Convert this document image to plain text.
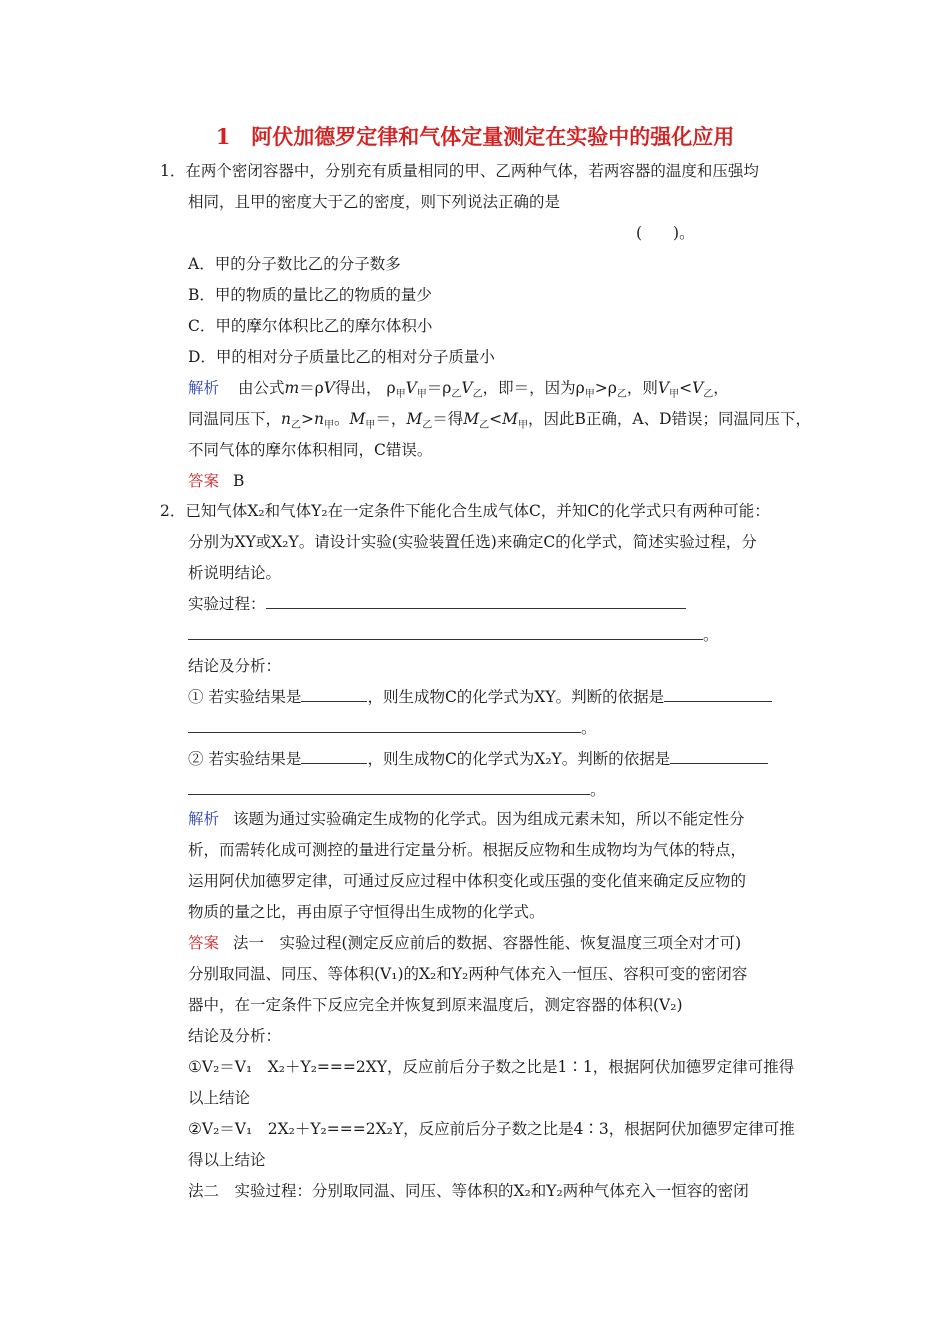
1　阿伏加德罗定律和气体定量测定在实验中的强化应用
1．在两个密闭容器中，分别充有质量相同的甲、乙两种气体，若两容器的温度和压强均
相同，且甲的密度大于乙的密度，则下列说法正确的是
(　　)。
A．甲的分子数比乙的分子数多
B．甲的物质的量比乙的物质的量少
C．甲的摩尔体积比乙的摩尔体积小
D．甲的相对分子质量比乙的相对分子质量小
解析 由公式m＝ρV得出， $\rho_甲V_甲=\rho_乙V_乙$，即＝，因为$\rho_甲>\rho_乙$，则$V_甲<V_乙$，
同温同压下，$n_乙>n_甲$。$M_甲=$，$M_乙=$得$M_乙<M_甲$，因此B正确，A、D错误；同温同压下，
不同气体的摩尔体积相同，C错误。
答案 B
2．已知气体X₂和气体Y₂在一定条件下能化合生成气体C，并知C的化学式只有两种可能：
分别为XY或X₂Y。请设计实验(实验装置任选)来确定C的化学式，简述实验过程，分
析说明结论。
实验过程：
。
结论及分析：
① 若实验结果是	，则生成物C的化学式为XY。判断的依据是
。
② 若实验结果是	，则生成物C的化学式为X₂Y。判断的依据是
。
解析 该题为通过实验确定生成物的化学式。因为组成元素未知，所以不能定性分
析，而需转化成可测控的量进行定量分析。根据反应物和生成物均为气体的特点，
运用阿伏加德罗定律，可通过反应过程中体积变化或压强的变化值来确定反应物的
物质的量之比，再由原子守恒得出生成物的化学式。
答案 法一　实验过程(测定反应前后的数据、容器性能、恢复温度三项全对才可)
分别取同温、同压、等体积(V₁)的X₂和Y₂两种气体充入一恒压、容积可变的密闭容
器中，在一定条件下反应完全并恢复到原来温度后，测定容器的体积(V₂)
结论及分析：
①V₂＝V₁　X₂＋Y₂===2XY，反应前后分子数之比是1∶1，根据阿伏加德罗定律可推得
以上结论
②V₂＝V₁　2X₂＋Y₂===2X₂Y，反应前后分子数之比是4∶3，根据阿伏加德罗定律可推
得以上结论
法二　实验过程：分别取同温、同压、等体积的X₂和Y₂两种气体充入一恒容的密闭
